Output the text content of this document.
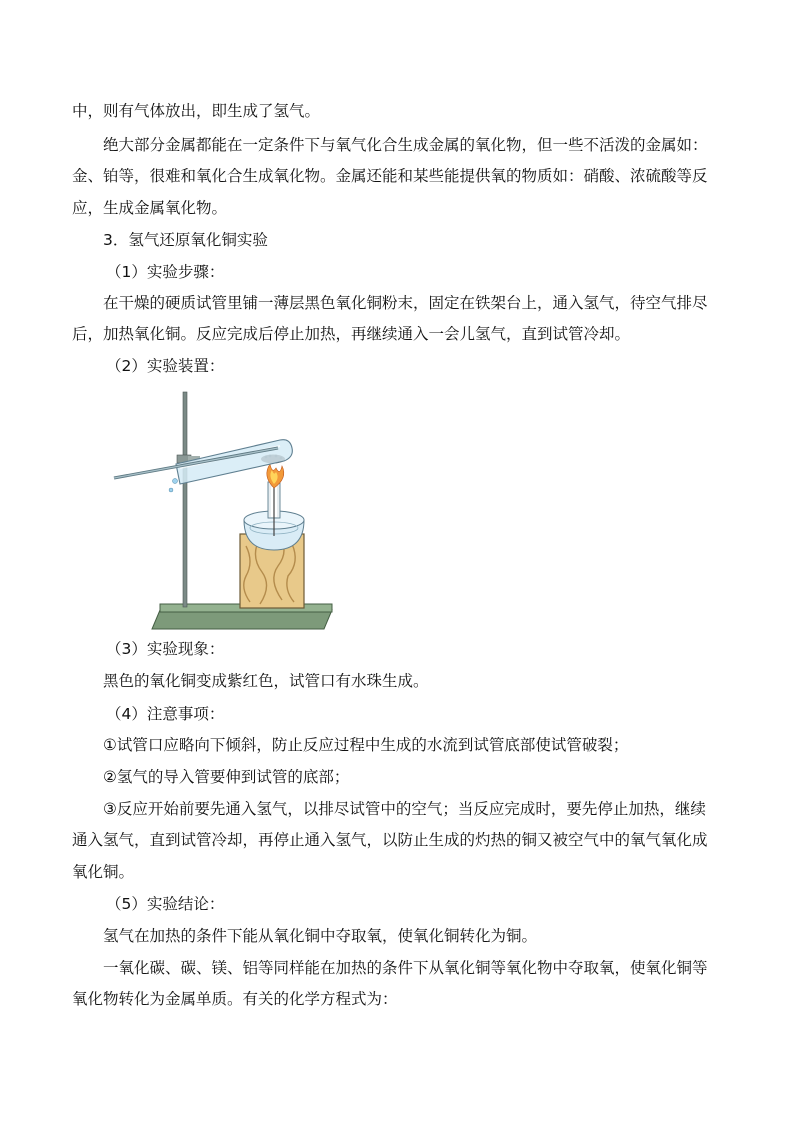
中，则有气体放出，即生成了氢气。
绝大部分金属都能在一定条件下与氧气化合生成金属的氧化物，但一些不活泼的金属如：
金、铂等，很难和氧化合生成氧化物。金属还能和某些能提供氧的物质如：硝酸、浓硫酸等反
应，生成金属氧化物。
3．氢气还原氧化铜实验
（1）实验步骤：
在干燥的硬质试管里铺一薄层黑色氧化铜粉末，固定在铁架台上，通入氢气，待空气排尽
后，加热氧化铜。反应完成后停止加热，再继续通入一会儿氢气，直到试管冷却。
（2）实验装置：
（3）实验现象：
黑色的氧化铜变成紫红色，试管口有水珠生成。
（4）注意事项：
①试管口应略向下倾斜，防止反应过程中生成的水流到试管底部使试管破裂；
②氢气的导入管要伸到试管的底部；
③反应开始前要先通入氢气，以排尽试管中的空气；当反应完成时，要先停止加热，继续
通入氢气，直到试管冷却，再停止通入氢气，以防止生成的灼热的铜又被空气中的氧气氧化成
氧化铜。
（5）实验结论：
氢气在加热的条件下能从氧化铜中夺取氧，使氧化铜转化为铜。
一氧化碳、碳、镁、铝等同样能在加热的条件下从氧化铜等氧化物中夺取氧，使氧化铜等
氧化物转化为金属单质。有关的化学方程式为：
